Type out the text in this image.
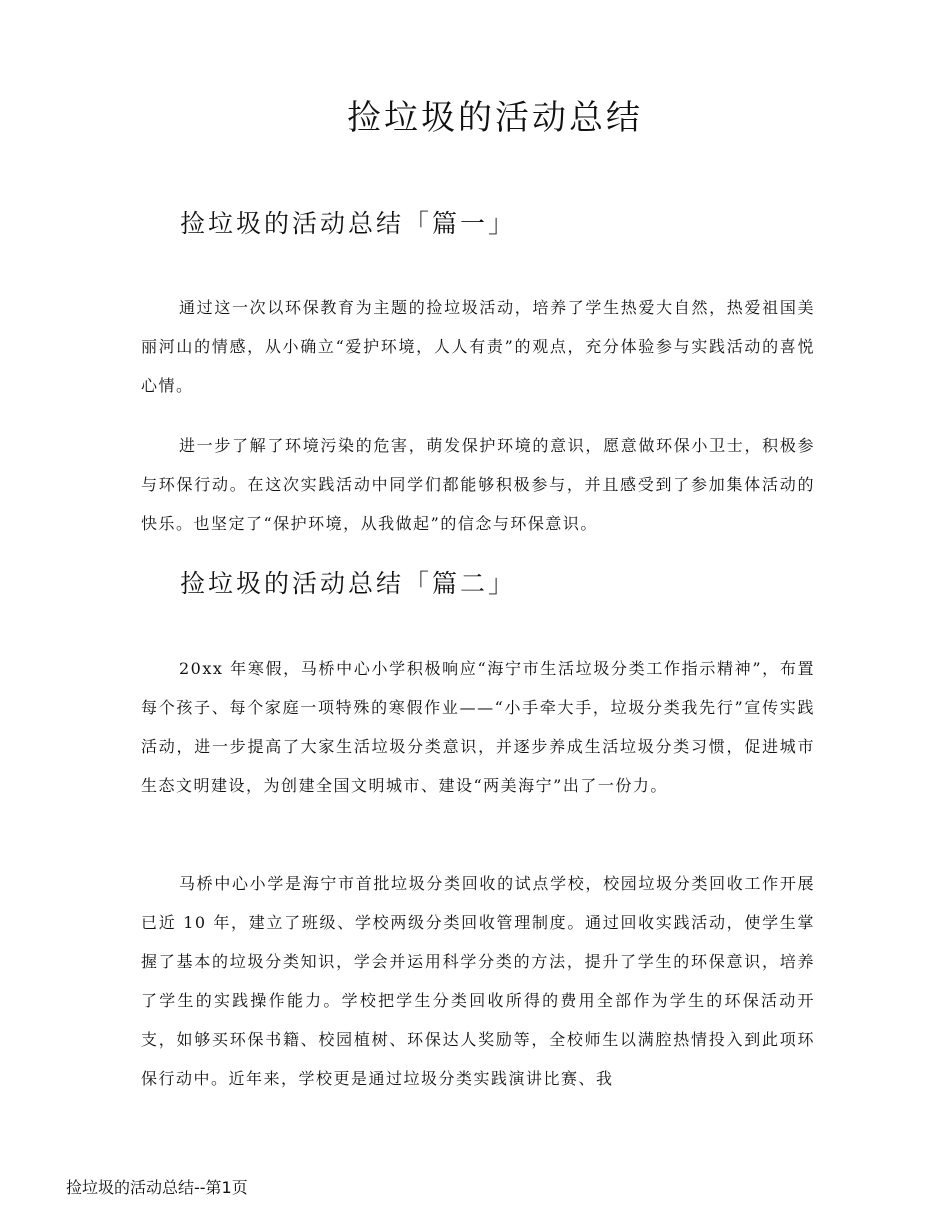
捡垃圾的活动总结
捡垃圾的活动总结「篇一」

通过这一次以环保教育为主题的捡垃圾活动，培养了学生热爱大自然，热爱祖国美丽河山的情感，从小确立“爱护环境，人人有责”的观点，充分体验参与实践活动的喜悦心情。

进一步了解了环境污染的危害，萌发保护环境的意识，愿意做环保小卫士，积极参与环保行动。在这次实践活动中同学们都能够积极参与，并且感受到了参加集体活动的快乐。也坚定了“保护环境，从我做起”的信念与环保意识。

捡垃圾的活动总结「篇二」

20xx 年寒假，马桥中心小学积极响应“海宁市生活垃圾分类工作指示精神”，布置每个孩子、每个家庭一项特殊的寒假作业——“小手牵大手，垃圾分类我先行”宣传实践活动，进一步提高了大家生活垃圾分类意识，并逐步养成生活垃圾分类习惯，促进城市生态文明建设，为创建全国文明城市、建设“两美海宁”出了一份力。

马桥中心小学是海宁市首批垃圾分类回收的试点学校，校园垃圾分类回收工作开展已近 10 年，建立了班级、学校两级分类回收管理制度。通过回收实践活动，使学生掌握了基本的垃圾分类知识，学会并运用科学分类的方法，提升了学生的环保意识，培养了学生的实践操作能力。学校把学生分类回收所得的费用全部作为学生的环保活动开支，如够买环保书籍、校园植树、环保达人奖励等，全校师生以满腔热情投入到此项环保行动中。近年来，学校更是通过垃圾分类实践演讲比赛、我

捡垃圾的活动总结--第1页
